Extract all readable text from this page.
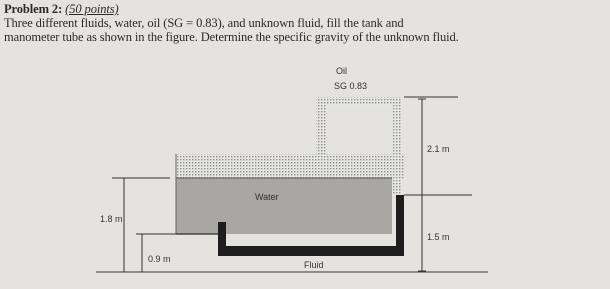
Problem 2: (50 points)
Three different fluids, water, oil (SG = 0.83), and unknown fluid, fill the tank and
manometer tube as shown in the figure. Determine the specific gravity of the unknown fluid.
Oil
SG 0.83
Water
Fluid
2.1 m
1.5 m
1.8 m
0.9 m
